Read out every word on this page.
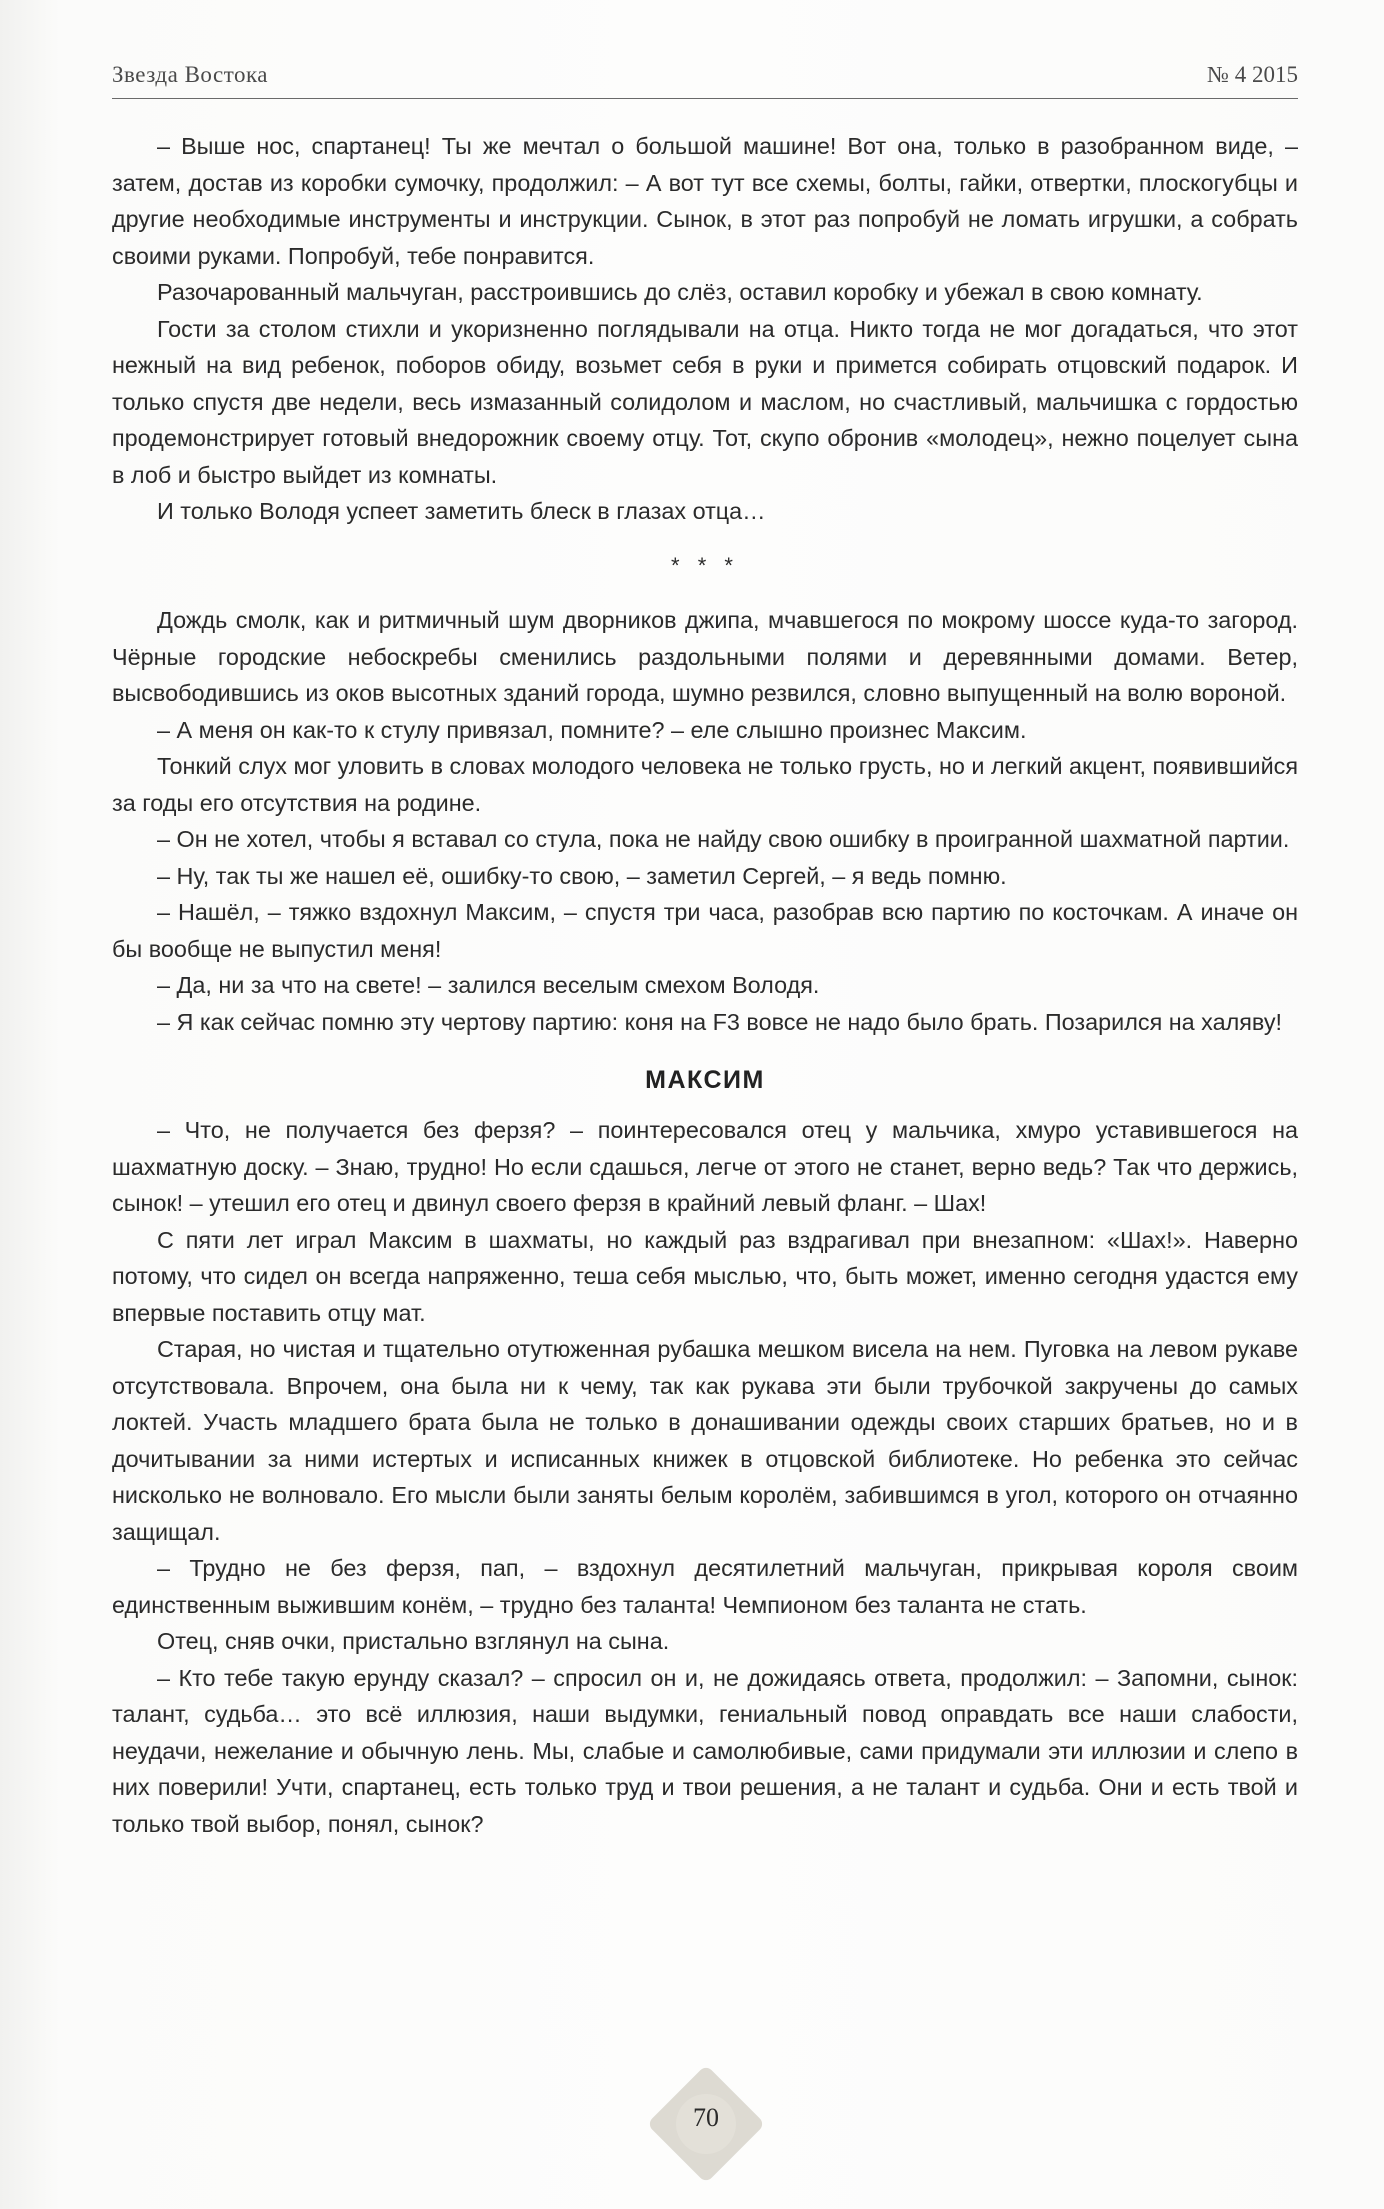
Звезда Востока	№ 4 2015

– Выше нос, спартанец! Ты же мечтал о большой машине! Вот она, только в разобранном виде, – затем, достав из коробки сумочку, продолжил: – А вот тут все схемы, болты, гайки, отвертки, плоскогубцы и другие необходимые инструменты и инструкции. Сынок, в этот раз попробуй не ломать игрушки, а собрать своими руками. Попробуй, тебе понравится.

Разочарованный мальчуган, расстроившись до слёз, оставил коробку и убежал в свою комнату.

Гости за столом стихли и укоризненно поглядывали на отца. Никто тогда не мог догадаться, что этот нежный на вид ребенок, поборов обиду, возьмет себя в руки и примется собирать отцовский подарок. И только спустя две недели, весь измазанный солидолом и маслом, но счастливый, мальчишка с гордостью продемонстрирует готовый внедорожник своему отцу. Тот, скупо обронив «молодец», нежно поцелует сына в лоб и быстро выйдет из комнаты.

И только Володя успеет заметить блеск в глазах отца…

* * *

Дождь смолк, как и ритмичный шум дворников джипа, мчавшегося по мокрому шоссе куда-то загород. Чёрные городские небоскребы сменились раздольными полями и деревянными домами. Ветер, высвободившись из оков высотных зданий города, шумно резвился, словно выпущенный на волю вороной.

– А меня он как-то к стулу привязал, помните? – еле слышно произнес Максим.

Тонкий слух мог уловить в словах молодого человека не только грусть, но и легкий акцент, появившийся за годы его отсутствия на родине.

– Он не хотел, чтобы я вставал со стула, пока не найду свою ошибку в проигранной шахматной партии.

– Ну, так ты же нашел её, ошибку-то свою, – заметил Сергей, – я ведь помню.

– Нашёл, – тяжко вздохнул Максим, – спустя три часа, разобрав всю партию по косточкам. А иначе он бы вообще не выпустил меня!

– Да, ни за что на свете! – залился веселым смехом Володя.

– Я как сейчас помню эту чертову партию: коня на F3 вовсе не надо было брать. Позарился на халяву!

МАКСИМ

– Что, не получается без ферзя? – поинтересовался отец у мальчика, хмуро уставившегося на шахматную доску. – Знаю, трудно! Но если сдашься, легче от этого не станет, верно ведь? Так что держись, сынок! – утешил его отец и двинул своего ферзя в крайний левый фланг. – Шах!

С пяти лет играл Максим в шахматы, но каждый раз вздрагивал при внезапном: «Шах!». Наверно потому, что сидел он всегда напряженно, теша себя мыслью, что, быть может, именно сегодня удастся ему впервые поставить отцу мат.

Старая, но чистая и тщательно отутюженная рубашка мешком висела на нем. Пуговка на левом рукаве отсутствовала. Впрочем, она была ни к чему, так как рукава эти были трубочкой закручены до самых локтей. Участь младшего брата была не только в донашивании одежды своих старших братьев, но и в дочитывании за ними истертых и исписанных книжек в отцовской библиотеке. Но ребенка это сейчас нисколько не волновало. Его мысли были заняты белым королём, забившимся в угол, которого он отчаянно защищал.

– Трудно не без ферзя, пап, – вздохнул десятилетний мальчуган, прикрывая короля своим единственным выжившим конём, – трудно без таланта! Чемпионом без таланта не стать.

Отец, сняв очки, пристально взглянул на сына.

– Кто тебе такую ерунду сказал? – спросил он и, не дожидаясь ответа, продолжил: – Запомни, сынок: талант, судьба… это всё иллюзия, наши выдумки, гениальный повод оправдать все наши слабости, неудачи, нежелание и обычную лень. Мы, слабые и самолюбивые, сами придумали эти иллюзии и слепо в них поверили! Учти, спартанец, есть только труд и твои решения, а не талант и судьба. Они и есть твой и только твой выбор, понял, сынок?

70
